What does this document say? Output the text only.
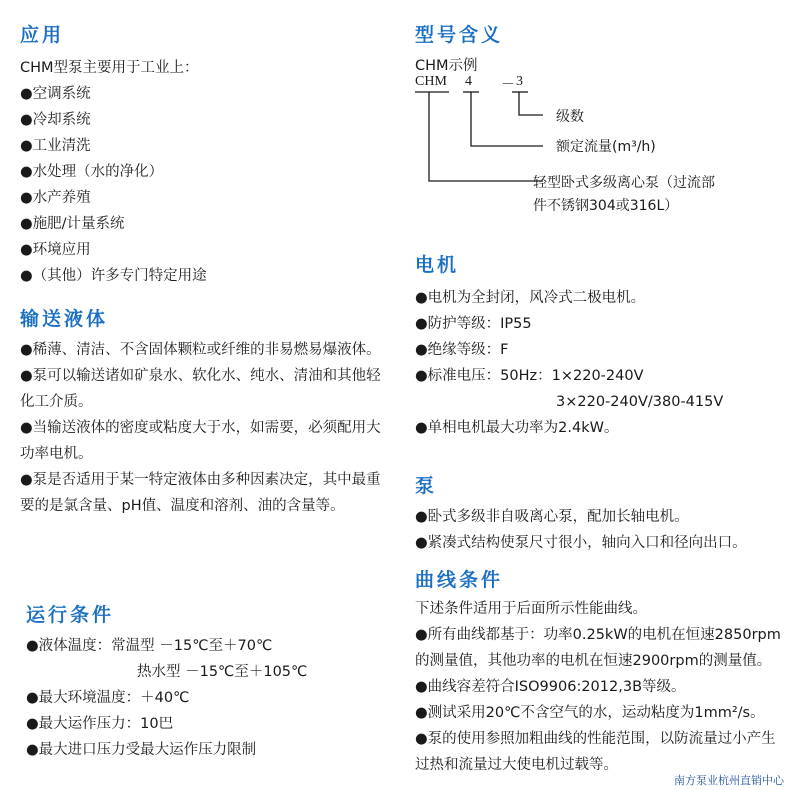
应用
CHM型泵主要用于工业上：
●空调系统
●冷却系统
●工业清洗
●水处理（水的净化）
●水产养殖
●施肥/计量系统
●环境应用
●（其他）许多专门特定用途
输送液体
●稀薄、清洁、不含固体颗粒或纤维的非易燃易爆液体。
●泵可以输送诸如矿泉水、软化水、纯水、清油和其他轻化工介质。
●当输送液体的密度或粘度大于水，如需要，必须配用大功率电机。
●泵是否适用于某一特定液体由多种因素决定，其中最重要的是氯含量、pH值、温度和溶剂、油的含量等。
运行条件
●液体温度：常温型 －15℃至＋70℃
热水型 －15℃至＋105℃
●最大环境温度：＋40℃
●最大运作压力：10巴
●最大进口压力受最大运作压力限制
型号含义
CHM示例
CHM 4 － 3
级数
额定流量(m³/h)
轻型卧式多级离心泵（过流部
件不锈钢304或316L）
电机
●电机为全封闭，风冷式二极电机。
●防护等级：IP55
●绝缘等级：F
●标准电压：50Hz：1×220-240V
3×220-240V/380-415V
●单相电机最大功率为2.4kW。
泵
●卧式多级非自吸离心泵，配加长轴电机。
●紧凑式结构使泵尺寸很小，轴向入口和径向出口。
曲线条件
下述条件适用于后面所示性能曲线。
●所有曲线都基于：功率0.25kW的电机在恒速2850rpm的测量值，其他功率的电机在恒速2900rpm的测量值。
●曲线容差符合ISO9906:2012,3B等级。
●测试采用20℃不含空气的水，运动粘度为1mm²/s。
●泵的使用参照加粗曲线的性能范围，以防流量过小产生过热和流量过大使电机过载等。
南方泵业杭州直销中心
